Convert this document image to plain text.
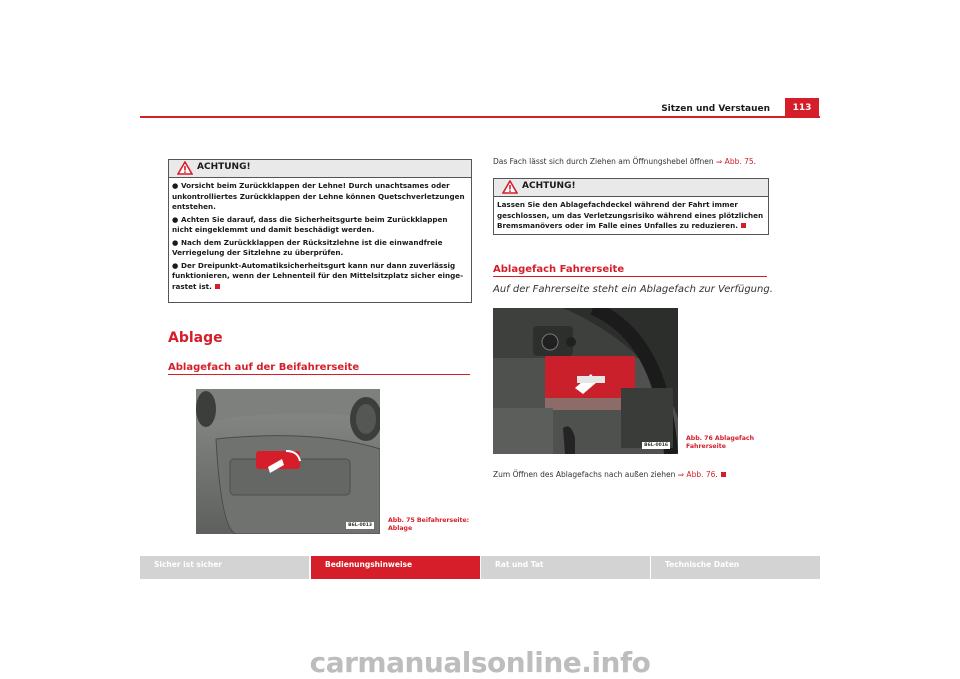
Sitzen und Verstauen	113
ACHTUNG!

● Vorsicht beim Zurückklappen der Lehne! Durch unachtsames oder unkontrolliertes Zurückklappen der Lehne können Quetschverletzungen entstehen.

● Achten Sie darauf, dass die Sicherheitsgurte beim Zurückklappen nicht eingeklemmt und damit beschädigt werden.

● Nach dem Zurückklappen der Rücksitzlehne ist die einwandfreie Verriegelung der Sitzlehne zu überprüfen.

● Der Dreipunkt-Automatiksicherheitsgurt kann nur dann zuverlässig funktionieren, wenn der Lehnenteil für den Mittelsitzplatz sicher einge-rastet ist.

Ablage
Ablagefach auf der Beifahrerseite
B6L-0013
Abb. 75 Beifahrerseite: Ablage
Das Fach lässt sich durch Ziehen am Öffnungshebel öffnen ⇒ Abb. 75.
ACHTUNG!

Lassen Sie den Ablagefachdeckel während der Fahrt immer geschlossen, um das Verletzungsrisiko während eines plötzlichen Bremsmanövers oder im Falle eines Unfalles zu reduzieren.

Ablagefach Fahrerseite
Auf der Fahrerseite steht ein Ablagefach zur Verfügung.
B6L-0016
Abb. 76 Ablagefach Fahrerseite
Zum Öffnen des Ablagefachs nach außen ziehen ⇒ Abb. 76.
Sicher ist sicher	Bedienungshinweise	Rat und Tat	Technische Daten
carmanualsonline.info
